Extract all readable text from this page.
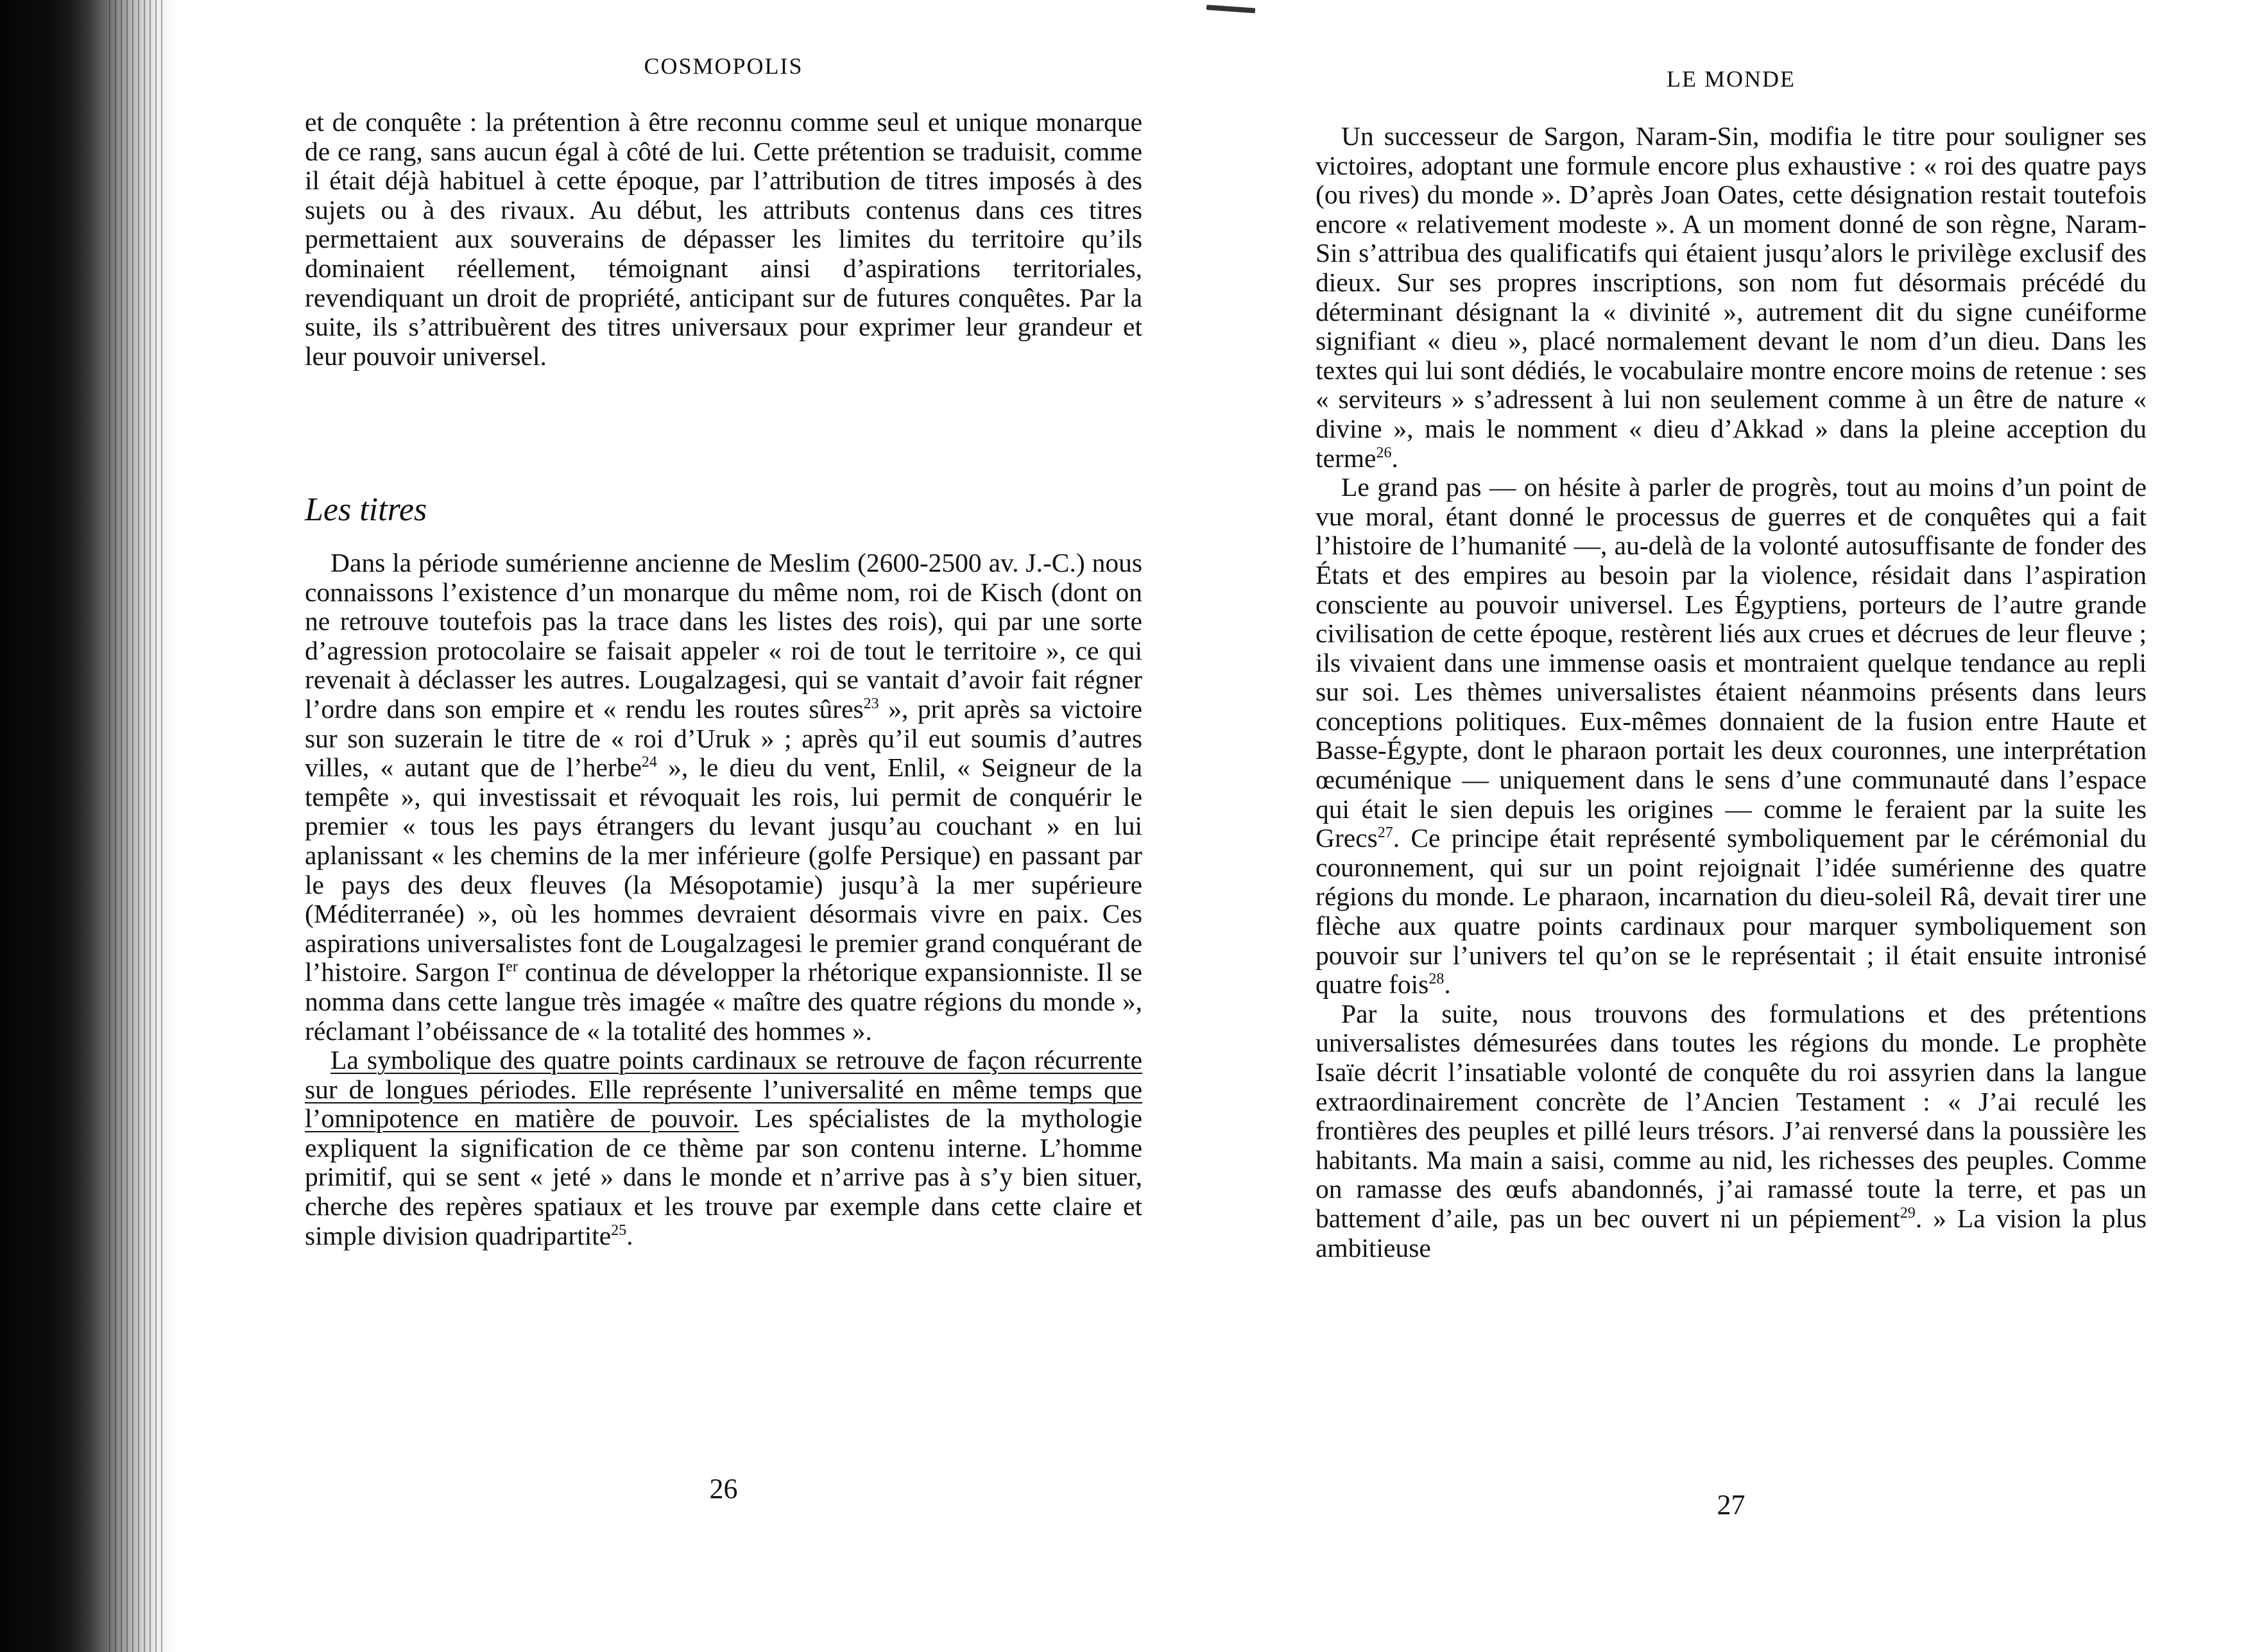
COSMOPOLIS

et de conquête : la prétention à être reconnu comme seul et unique monarque de ce rang, sans aucun égal à côté de lui. Cette prétention se traduisit, comme il était déjà habituel à cette époque, par l’attribution de titres imposés à des sujets ou à des rivaux. Au début, les attributs contenus dans ces titres permettaient aux souverains de dépasser les limites du territoire qu’ils dominaient réellement, témoignant ainsi d’aspirations territoriales, revendiquant un droit de propriété, anticipant sur de futures conquêtes. Par la suite, ils s’attribuèrent des titres universaux pour exprimer leur grandeur et leur pouvoir universel.

Les titres

Dans la période sumérienne ancienne de Meslim (2600-2500 av. J.-C.) nous connaissons l’existence d’un monarque du même nom, roi de Kisch (dont on ne retrouve toutefois pas la trace dans les listes des rois), qui par une sorte d’agression protocolaire se faisait appeler « roi de tout le territoire », ce qui revenait à déclasser les autres. Lougalzagesi, qui se vantait d’avoir fait régner l’ordre dans son empire et « rendu les routes sûres$^{23}$ », prit après sa victoire sur son suzerain le titre de « roi d’Uruk » ; après qu’il eut soumis d’autres villes, « autant que de l’herbe$^{24}$ », le dieu du vent, Enlil, « Seigneur de la tempête », qui investissait et révoquait les rois, lui permit de conquérir le premier « tous les pays étrangers du levant jusqu’au couchant » en lui aplanissant « les chemins de la mer inférieure (golfe Persique) en passant par le pays des deux fleuves (la Mésopotamie) jusqu’à la mer supérieure (Méditerranée) », où les hommes devraient désormais vivre en paix. Ces aspirations universalistes font de Lougalzagesi le premier grand conquérant de l’histoire. Sargon Ier continua de développer la rhétorique expansionniste. Il se nomma dans cette langue très imagée « maître des quatre régions du monde », réclamant l’obéissance de « la totalité des hommes ».

La symbolique des quatre points cardinaux se retrouve de façon récurrente sur de longues périodes. Elle représente l’universalité en même temps que l’omnipotence en matière de pouvoir. Les spécialistes de la mythologie expliquent la signification de ce thème par son contenu interne. L’homme primitif, qui se sent « jeté » dans le monde et n’arrive pas à s’y bien situer, cherche des repères spatiaux et les trouve par exemple dans cette claire et simple division quadripartite$^{25}$.

26
LE MONDE

Un successeur de Sargon, Naram-Sin, modifia le titre pour souligner ses victoires, adoptant une formule encore plus exhaustive : « roi des quatre pays (ou rives) du monde ». D’après Joan Oates, cette désignation restait toutefois encore « relativement modeste ». A un moment donné de son règne, Naram-Sin s’attribua des qualificatifs qui étaient jusqu’alors le privilège exclusif des dieux. Sur ses propres inscriptions, son nom fut désormais précédé du déterminant désignant la « divinité », autrement dit du signe cunéiforme signifiant « dieu », placé normalement devant le nom d’un dieu. Dans les textes qui lui sont dédiés, le vocabulaire montre encore moins de retenue : ses « serviteurs » s’adressent à lui non seulement comme à un être de nature « divine », mais le nomment « dieu d’Akkad » dans la pleine acception du terme$^{26}$.

Le grand pas — on hésite à parler de progrès, tout au moins d’un point de vue moral, étant donné le processus de guerres et de conquêtes qui a fait l’histoire de l’humanité —, au-delà de la volonté autosuffisante de fonder des États et des empires au besoin par la violence, résidait dans l’aspiration consciente au pouvoir universel. Les Égyptiens, porteurs de l’autre grande civilisation de cette époque, restèrent liés aux crues et décrues de leur fleuve ; ils vivaient dans une immense oasis et montraient quelque tendance au repli sur soi. Les thèmes universalistes étaient néanmoins présents dans leurs conceptions politiques. Eux-mêmes donnaient de la fusion entre Haute et Basse-Égypte, dont le pharaon portait les deux couronnes, une interprétation œcuménique — uniquement dans le sens d’une communauté dans l’espace qui était le sien depuis les origines — comme le feraient par la suite les Grecs$^{27}$. Ce principe était représenté symboliquement par le cérémonial du couronnement, qui sur un point rejoignait l’idée sumérienne des quatre régions du monde. Le pharaon, incarnation du dieu-soleil Râ, devait tirer une flèche aux quatre points cardinaux pour marquer symboliquement son pouvoir sur l’univers tel qu’on se le représentait ; il était ensuite intronisé quatre fois$^{28}$.

Par la suite, nous trouvons des formulations et des prétentions universalistes démesurées dans toutes les régions du monde. Le prophète Isaïe décrit l’insatiable volonté de conquête du roi assyrien dans la langue extraordinairement concrète de l’Ancien Testament : « J’ai reculé les frontières des peuples et pillé leurs trésors. J’ai renversé dans la poussière les habitants. Ma main a saisi, comme au nid, les richesses des peuples. Comme on ramasse des œufs abandonnés, j’ai ramassé toute la terre, et pas un battement d’aile, pas un bec ouvert ni un pépiement$^{29}$. » La vision la plus ambitieuse

27
